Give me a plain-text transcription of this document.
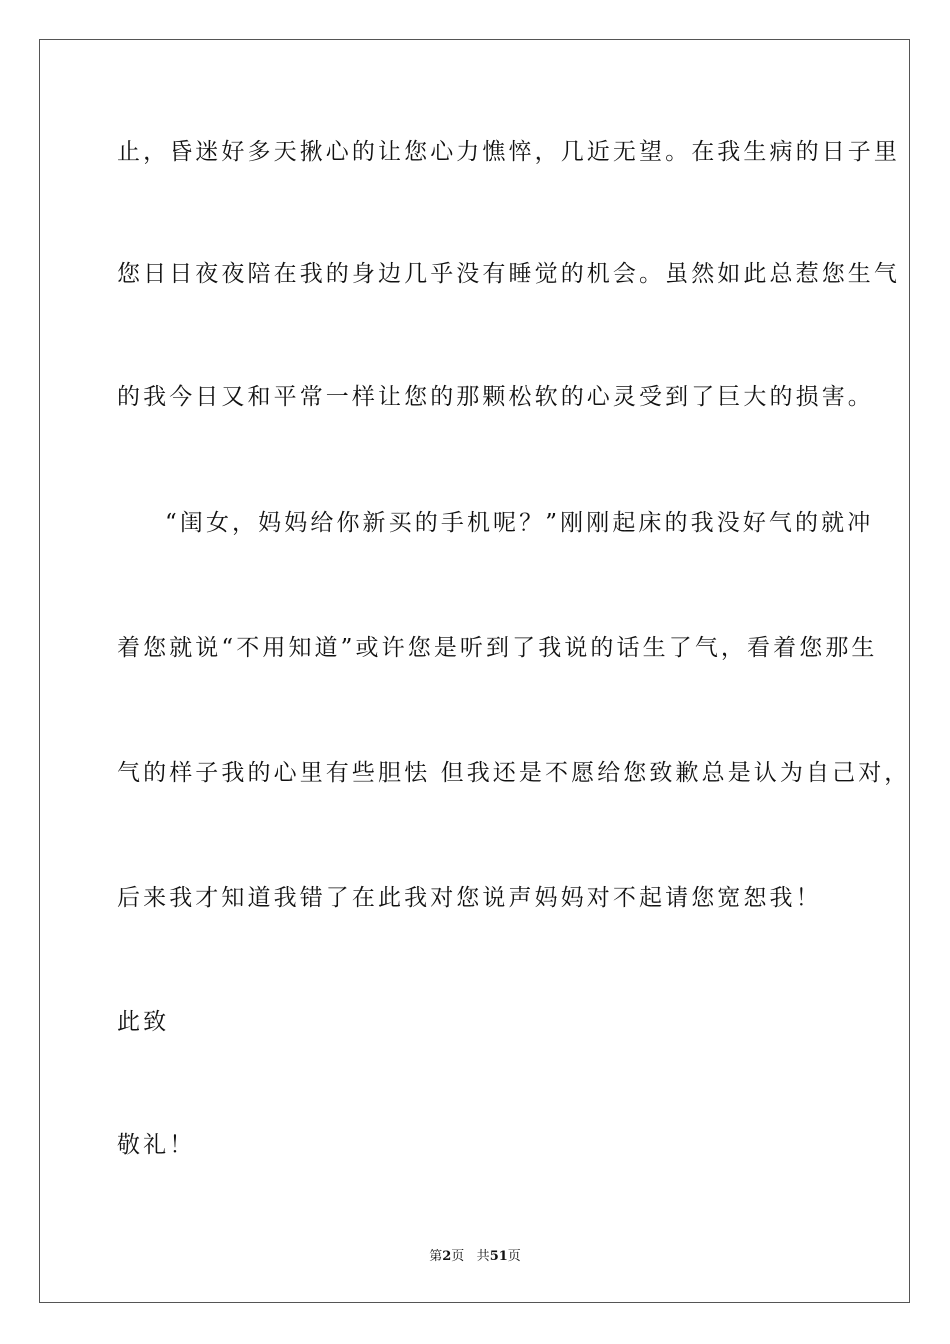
止，昏迷好多天揪心的让您心力憔悴，几近无望。在我生病的日子里
您日日夜夜陪在我的身边几乎没有睡觉的机会。虽然如此总惹您生气
的我今日又和平常一样让您的那颗松软的心灵受到了巨大的损害。
“闺女，妈妈给你新买的手机呢？”刚刚起床的我没好气的就冲
着您就说“不用知道”或许您是听到了我说的话生了气，看着您那生
气的样子我的心里有些胆怯 但我还是不愿给您致歉总是认为自己对，
后来我才知道我错了在此我对您说声妈妈对不起请您宽恕我！
此致
敬礼！
第2页 共51页
